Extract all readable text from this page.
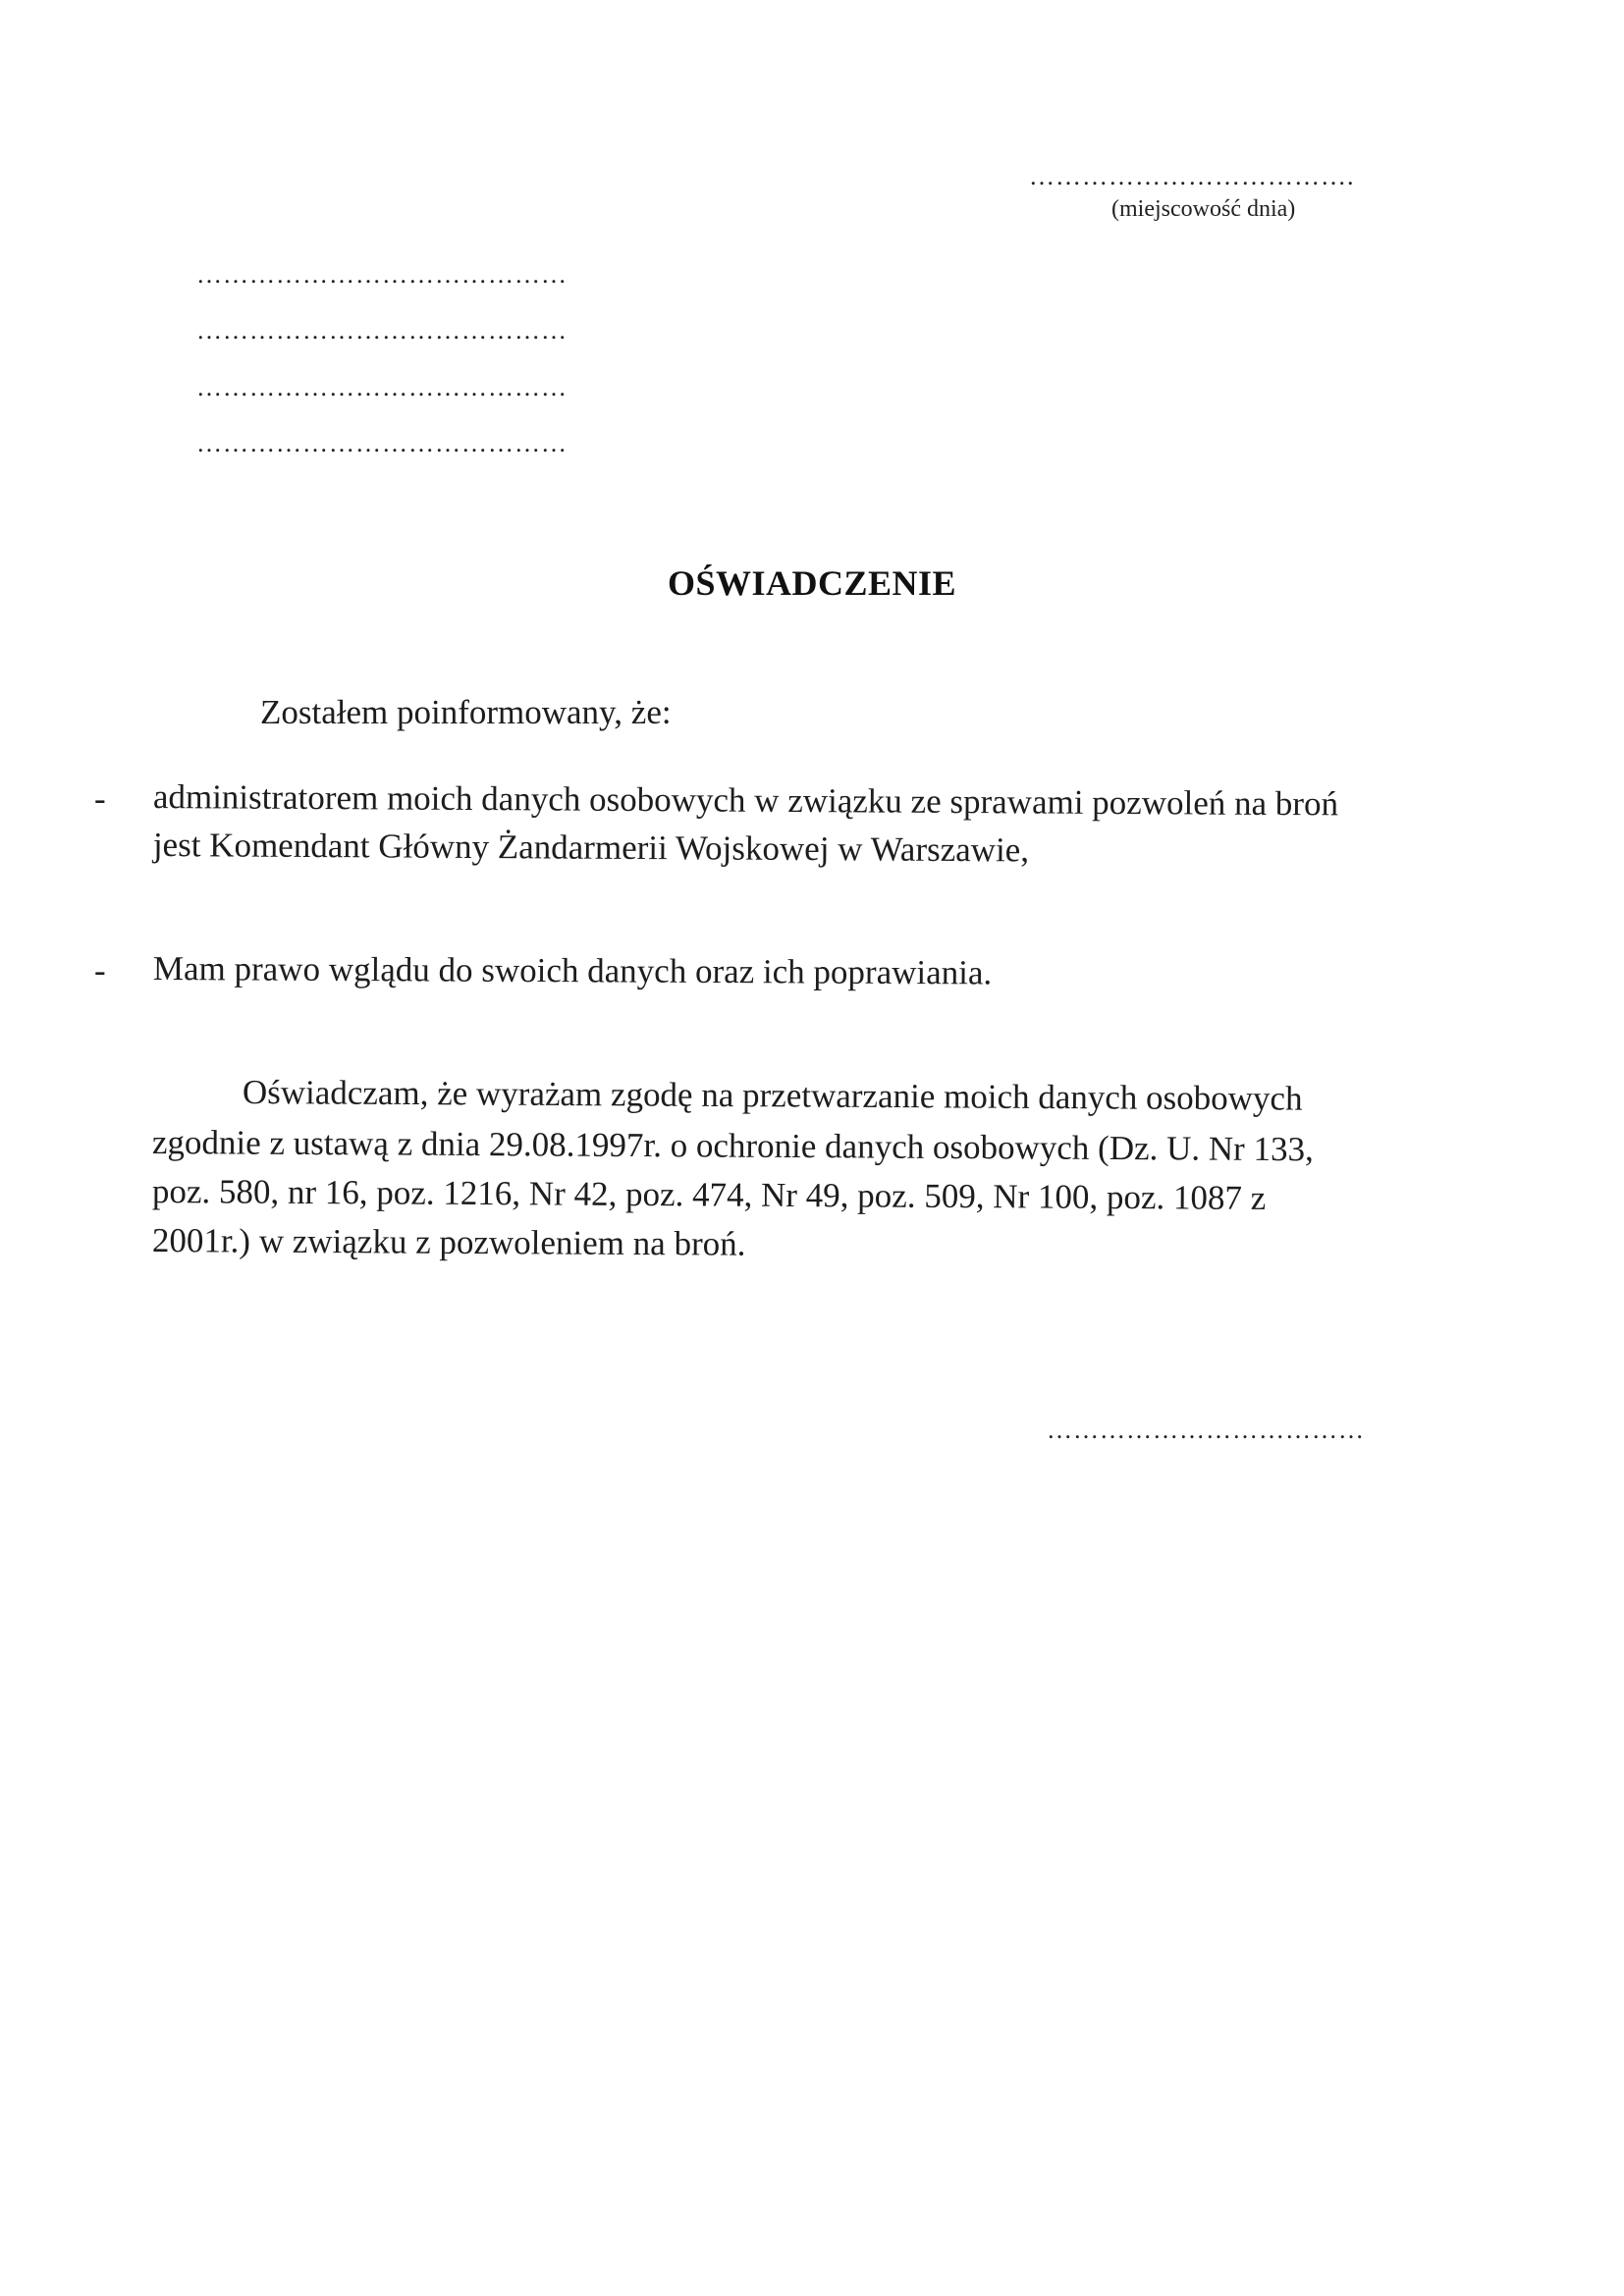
……………………………….
(miejscowość dnia)
……………………………………
……………………………………
……………………………………
……………………………………
OŚWIADCZENIE
Zostałem poinformowany, że:
- administratorem moich danych osobowych w związku ze sprawami pozwoleń na broń
jest Komendant Główny Żandarmerii Wojskowej w Warszawie,
- Mam prawo wglądu do swoich danych oraz ich poprawiania.
Oświadczam, że wyrażam zgodę na przetwarzanie moich danych osobowych
zgodnie z ustawą z dnia 29.08.1997r. o ochronie danych osobowych (Dz. U. Nr 133,
poz. 580, nr 16, poz. 1216, Nr 42, poz. 474, Nr 49, poz. 509, Nr 100, poz. 1087 z
2001r.) w związku z pozwoleniem na broń.
………………………………
